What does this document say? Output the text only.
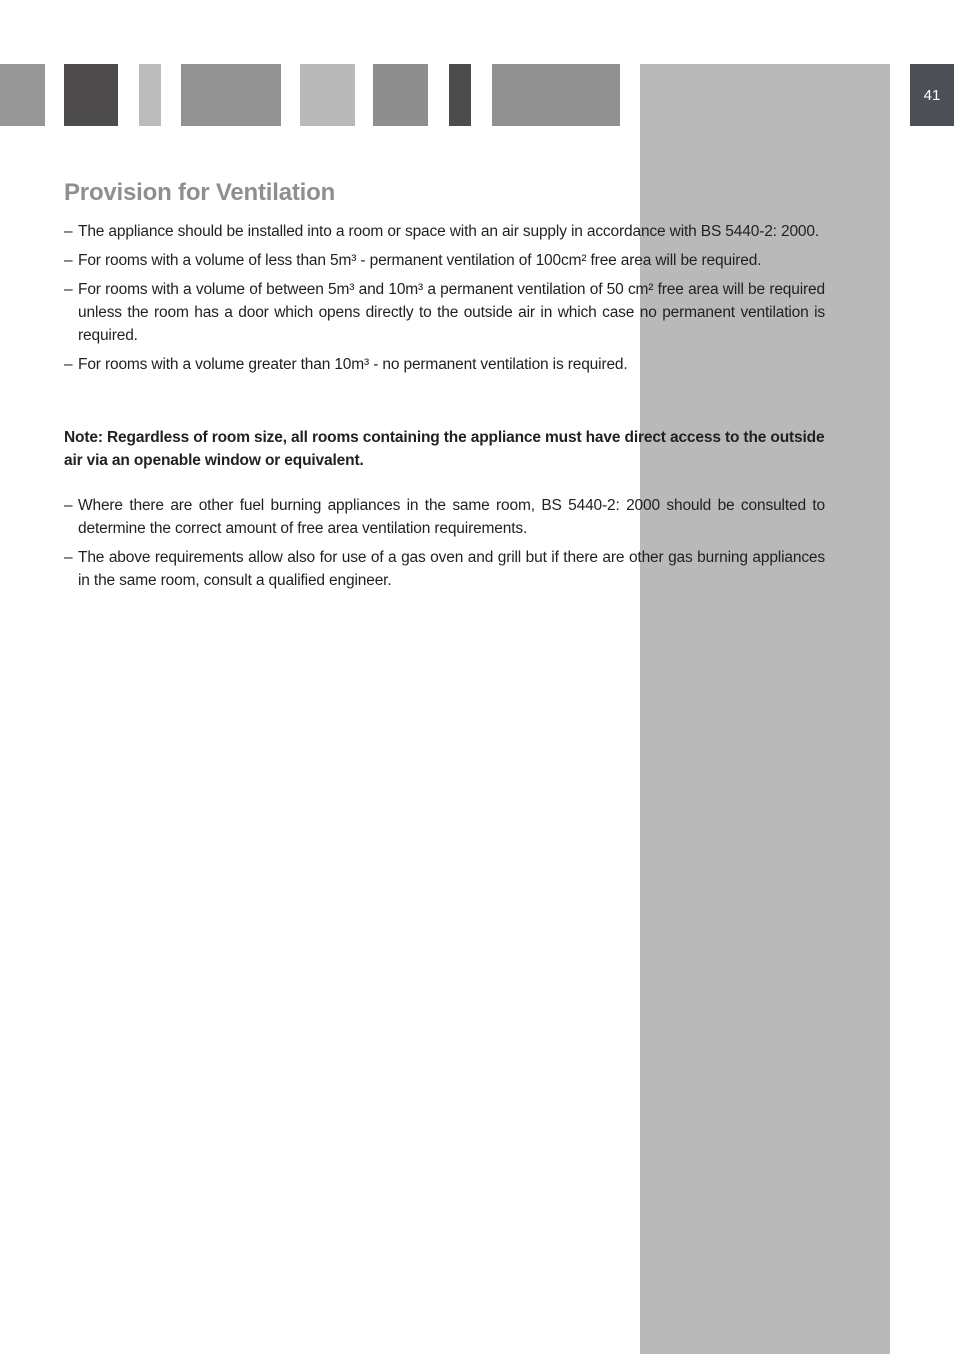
41
Provision for Ventilation
– The appliance should be installed into a room or space with an air supply in accordance with BS 5440-2: 2000.
– For rooms with a volume of less than 5m³ - permanent ventilation of 100cm² free area will be required.
– For rooms with a volume of between 5m³ and 10m³ a permanent ventilation of 50 cm² free area will be required unless the room has a door which opens directly to the outside air in which case no permanent ventilation is required.
– For rooms with a volume greater than 10m³ - no permanent ventilation is required.

Note: Regardless of room size, all rooms containing the appliance must have direct access to the outside air via an openable window or equivalent.

– Where there are other fuel burning appliances in the same room, BS 5440-2: 2000 should be consulted to determine the correct amount of free area ventilation requirements.
– The above requirements allow also for use of a gas oven and grill but if there are other gas burning appliances in the same room, consult a qualified engineer.
